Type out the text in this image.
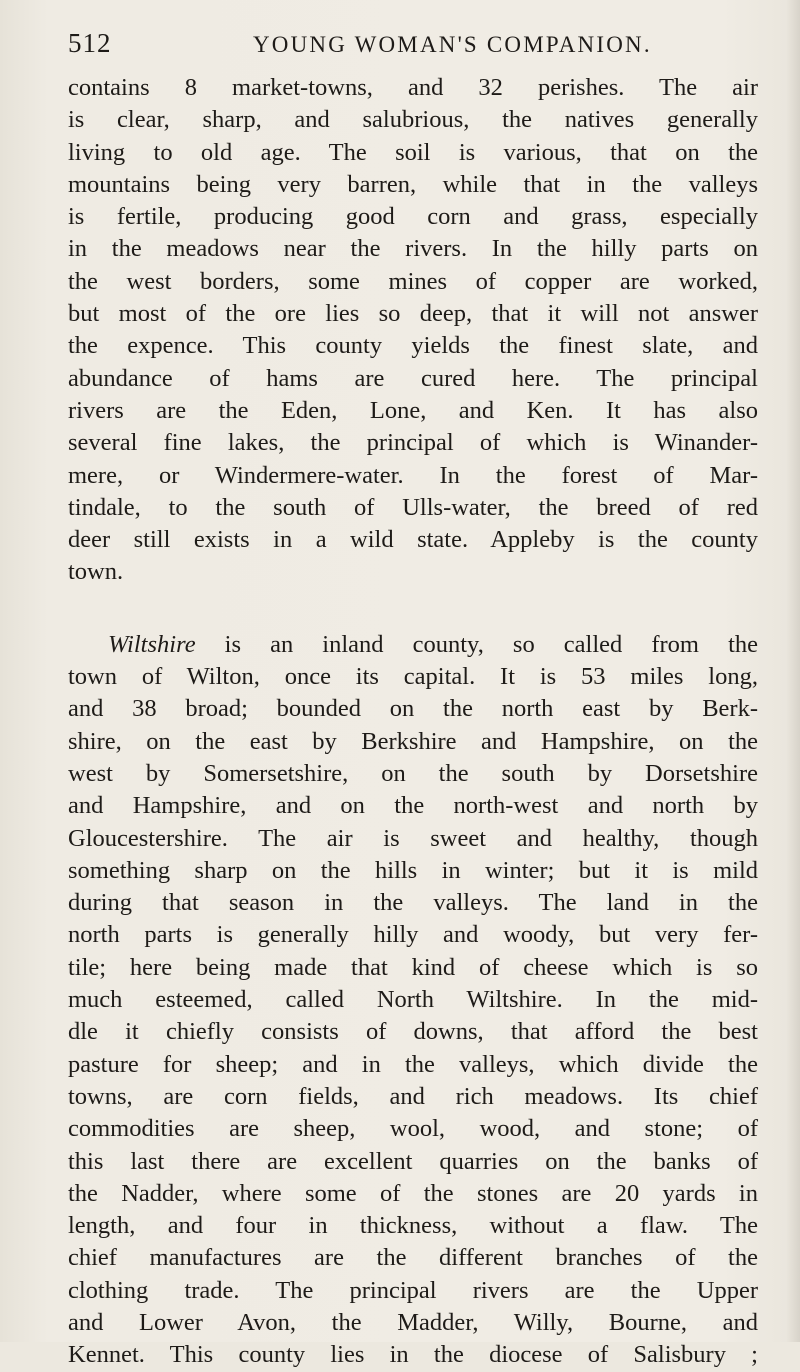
512	YOUNG WOMAN'S COMPANION.
contains 8 market-towns, and 32 perishes. The air
is clear, sharp, and salubrious, the natives generally
living to old age. The soil is various, that on the
mountains being very barren, while that in the valleys
is fertile, producing good corn and grass, especially
in the meadows near the rivers. In the hilly parts on
the west borders, some mines of copper are worked,
but most of the ore lies so deep, that it will not answer
the expence. This county yields the finest slate, and
abundance of hams are cured here. The principal
rivers are the Eden, Lone, and Ken. It has also
several fine lakes, the principal of which is Winander-
mere, or Windermere-water. In the forest of Mar-
tindale, to the south of Ulls-water, the breed of red
deer still exists in a wild state. Appleby is the county
town.
Wiltshire is an inland county, so called from the
town of Wilton, once its capital. It is 53 miles long,
and 38 broad; bounded on the north east by Berk-
shire, on the east by Berkshire and Hampshire, on the
west by Somersetshire, on the south by Dorsetshire
and Hampshire, and on the north-west and north by
Gloucestershire. The air is sweet and healthy, though
something sharp on the hills in winter; but it is mild
during that season in the valleys. The land in the
north parts is generally hilly and woody, but very fer-
tile; here being made that kind of cheese which is so
much esteemed, called North Wiltshire. In the mid-
dle it chiefly consists of downs, that afford the best
pasture for sheep; and in the valleys, which divide the
towns, are corn fields, and rich meadows. Its chief
commodities are sheep, wool, wood, and stone; of
this last there are excellent quarries on the banks of
the Nadder, where some of the stones are 20 yards in
length, and four in thickness, without a flaw. The
chief manufactures are the different branches of the
clothing trade. The principal rivers are the Upper
and Lower Avon, the Madder, Willy, Bourne, and
Kennet. This county lies in the diocese of Salisbury ;
